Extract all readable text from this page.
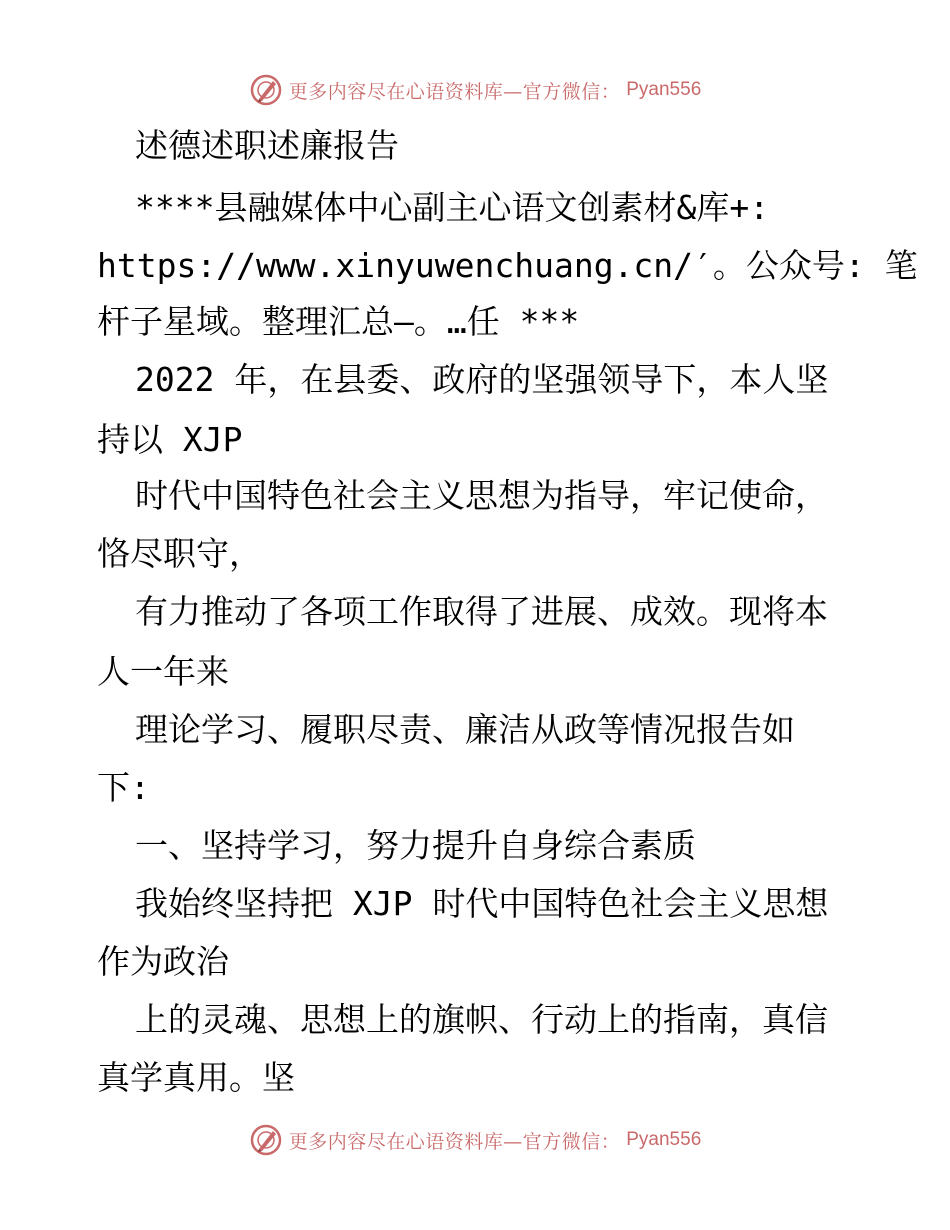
更多内容尽在心语资料库—官方微信： Pyan556
述德述职述廉报告
****县融媒体中心副主心语文创素材&库+:
https://www.xinyuwenchuang.cn/′。公众号: 笔
杆子星域。整理汇总—。…任 ***
2022 年，在县委、政府的坚强领导下，本人坚
持以 XJP
时代中国特色社会主义思想为指导，牢记使命，
恪尽职守，
有力推动了各项工作取得了进展、成效。现将本
人一年来
理论学习、履职尽责、廉洁从政等情况报告如
下:
一、坚持学习，努力提升自身综合素质
我始终坚持把 XJP 时代中国特色社会主义思想
作为政治
上的灵魂、思想上的旗帜、行动上的指南，真信
真学真用。坚
更多内容尽在心语资料库—官方微信： Pyan556
